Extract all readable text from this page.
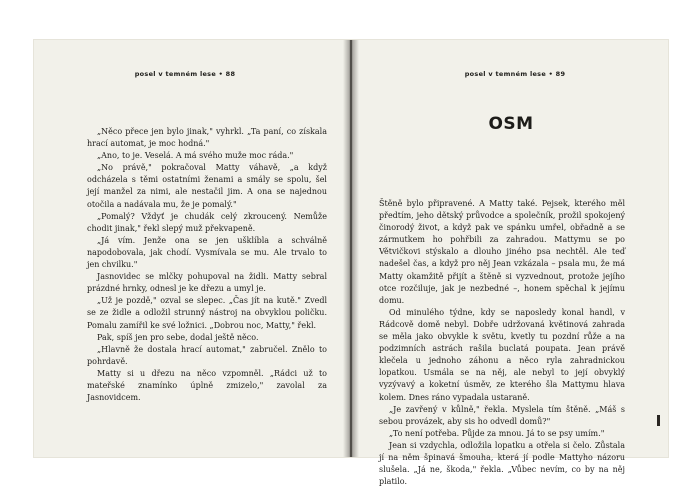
posel v temném lese • 88

„Něco přece jen bylo jinak," vyhrkl. „Ta paní, co získala hrací automat, je moc hodná."

„Ano, to je. Veselá. A má svého muže moc ráda."

„No právě," pokračoval Matty váhavě, „a když odcházela s těmi ostatními ženami a smály se spolu, šel její manžel za nimi, ale nestačil jim. A ona se najednou otočila a nadávala mu, že je pomalý."

„Pomalý? Vždyť je chudák celý zkroucený. Nemůže chodit jinak," řekl slepý muž překvapeně.

„Já vím. Jenže ona se jen ušklíbla a schválně napodobovala, jak chodí. Vysmívala se mu. Ale trvalo to jen chvilku."

Jasnovidec se mlčky pohupoval na židli. Matty sebral prázdné hrnky, odnesl je ke dřezu a umyl je.

„Už je pozdě," ozval se slepec. „Čas jít na kutě." Zvedl se ze židle a odložil strunný nástroj na obvyklou poličku. Pomalu zamířil ke své ložnici. „Dobrou noc, Matty," řekl.

Pak, spíš jen pro sebe, dodal ještě něco.

„Hlavně že dostala hrací automat," zabručel. Znělo to pohrdavě.

Matty si u dřezu na něco vzpomněl. „Rádci už to mateřské znamínko úplně zmizelo," zavolal za Jasnovidcem.

posel v temném lese • 89
OSM

Štěně bylo připravené. A Matty také. Pejsek, kterého měl předtím, jeho dětský průvodce a společník, prožil spokojený činorodý život, a když pak ve spánku umřel, obřadně a se zármutkem ho pohřbili za zahradou. Mattymu se po Větvičkovi stýskalo a dlouho jiného psa nechtěl. Ale teď nadešel čas, a když pro něj Jean vzkázala – psala mu, že má Matty okamžitě přijít a štěně si vyzvednout, protože jejího otce rozčiluje, jak je nezbedné –, honem spěchal k jejímu domu.

Od minulého týdne, kdy se naposledy konal handl, v Rádcově domě nebyl. Dobře udržovaná květinová zahrada se měla jako obvykle k světu, kvetly tu pozdní růže a na podzimních astrách rašila buclatá poupata. Jean právě klečela u jednoho záhonu a něco ryla zahradnickou lopatkou. Usmála se na něj, ale nebyl to její obvyklý vyzývavý a koketní úsměv, ze kterého šla Mattymu hlava kolem. Dnes ráno vypadala ustaraně.

„Je zavřený v kůlně," řekla. Myslela tím štěně. „Máš s sebou provázek, aby sis ho odvedl domů?"

„To není potřeba. Půjde za mnou. Já to se psy umím."

Jean si vzdychla, odložila lopatku a otřela si čelo. Zůstala jí na něm špinavá šmouha, která jí podle Mattyho názoru slušela. „Já ne, škoda," řekla. „Vůbec nevím, co by na něj platilo.
